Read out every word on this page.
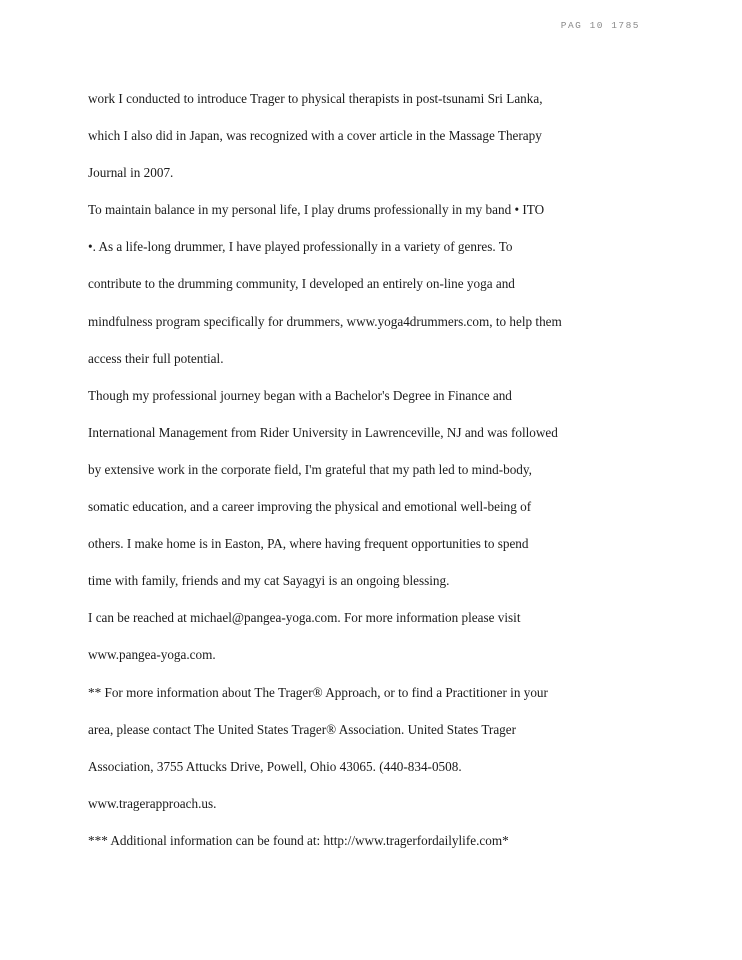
PAG 10 1785
work I conducted to introduce Trager to physical therapists in post-tsunami Sri Lanka,
which I also did in Japan, was recognized with a cover article in the Massage Therapy
Journal in 2007.
To maintain balance in my personal life, I play drums professionally in my band • ITO
•. As a life-long drummer, I have played professionally in a variety of genres. To
contribute to the drumming community, I developed an entirely on-line yoga and
mindfulness program specifically for drummers, www.yoga4drummers.com, to help them
access their full potential.
Though my professional journey began with a Bachelor's Degree in Finance and
International Management from Rider University in Lawrenceville, NJ and was followed
by extensive work in the corporate field, I'm grateful that my path led to mind-body,
somatic education, and a career improving the physical and emotional well-being of
others. I make home is in Easton, PA, where having frequent opportunities to spend
time with family, friends and my cat Sayagyi is an ongoing blessing.
I can be reached at michael@pangea-yoga.com. For more information please visit
www.pangea-yoga.com.
** For more information about The Trager® Approach, or to find a Practitioner in your
area, please contact The United States Trager® Association. United States Trager
Association, 3755 Attucks Drive, Powell, Ohio 43065. (440-834-0508.
www.tragerapproach.us.
*** Additional information can be found at: http://www.tragerfordailylife.com*
